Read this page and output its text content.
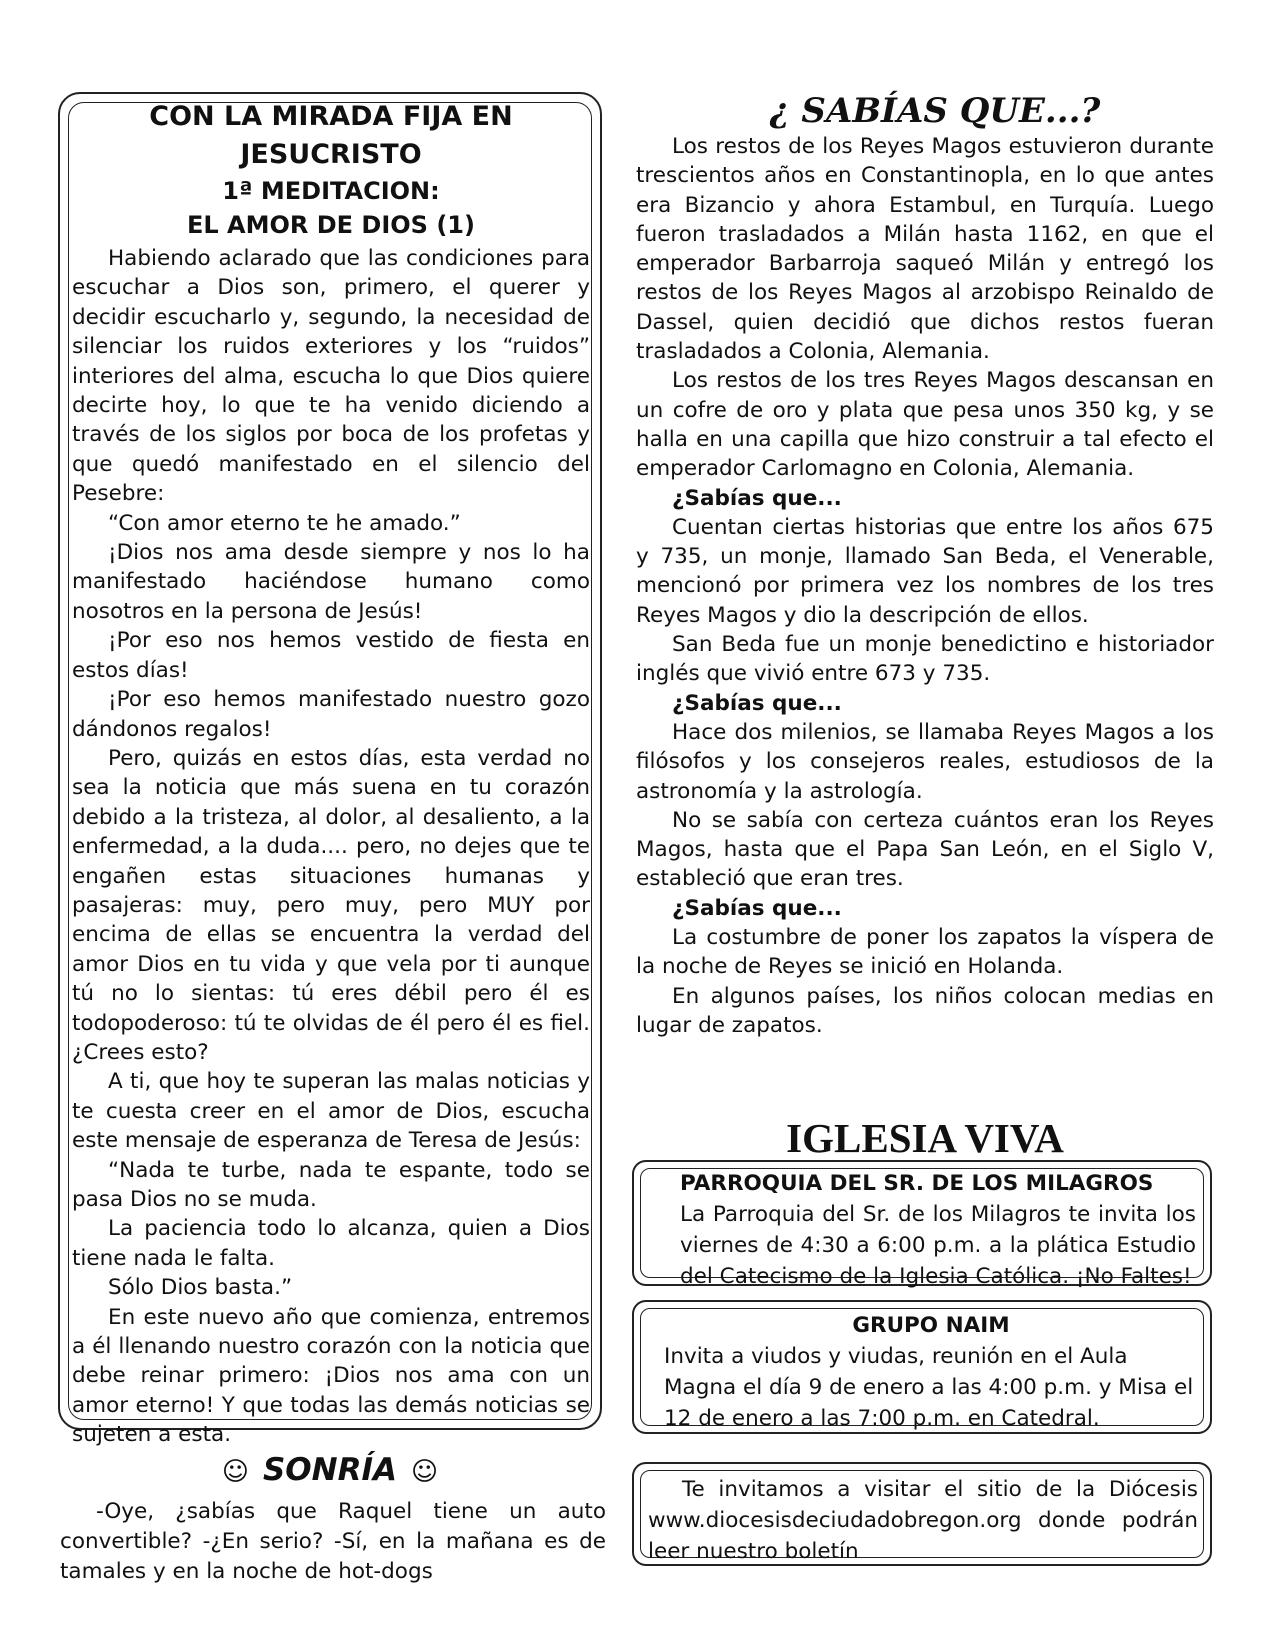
CON LA MIRADA FIJA EN JESUCRISTO
1ª MEDITACION:
EL AMOR DE DIOS (1)

Habiendo aclarado que las condiciones para escuchar a Dios son, primero, el querer y decidir escucharlo y, segundo, la necesidad de silenciar los ruidos exteriores y los “ruidos” interiores del alma, escucha lo que Dios quiere decirte hoy, lo que te ha venido diciendo a través de los siglos por boca de los profetas y que quedó manifestado en el silencio del Pesebre:

“Con amor eterno te he amado.”

¡Dios nos ama desde siempre y nos lo ha manifestado haciéndose humano como nosotros en la persona de Jesús!

¡Por eso nos hemos vestido de fiesta en estos días!

¡Por eso hemos manifestado nuestro gozo dándonos regalos!

Pero, quizás en estos días, esta verdad no sea la noticia que más suena en tu corazón debido a la tristeza, al dolor, al desaliento, a la enfermedad, a la duda.... pero, no dejes que te engañen estas situaciones humanas y pasajeras: muy, pero muy, pero MUY por encima de ellas se encuentra la verdad del amor Dios en tu vida y que vela por ti aunque tú no lo sientas: tú eres débil pero él es todopoderoso: tú te olvidas de él pero él es fiel. ¿Crees esto?

A ti, que hoy te superan las malas noticias y te cuesta creer en el amor de Dios, escucha este mensaje de esperanza de Teresa de Jesús:

“Nada te turbe, nada te espante, todo se pasa Dios no se muda.

La paciencia todo lo alcanza, quien a Dios tiene nada le falta.

Sólo Dios basta.”

En este nuevo año que comienza, entremos a él llenando nuestro corazón con la noticia que debe reinar primero: ¡Dios nos ama con un amor eterno! Y que todas las demás noticias se sujeten a esta.

☺ SONRÍA ☺

-Oye, ¿sabías que Raquel tiene un auto convertible? -¿En serio? -Sí, en la mañana es de tamales y en la noche de hot-dogs

¿ SABÍAS QUE...?

Los restos de los Reyes Magos estuvieron durante trescientos años en Constantinopla, en lo que antes era Bizancio y ahora Estambul, en Turquía. Luego fueron trasladados a Milán hasta 1162, en que el emperador Barbarroja saqueó Milán y entregó los restos de los Reyes Magos al arzobispo Reinaldo de Dassel, quien decidió que dichos restos fueran trasladados a Colonia, Alemania.

Los restos de los tres Reyes Magos descansan en un cofre de oro y plata que pesa unos 350 kg, y se halla en una capilla que hizo construir a tal efecto el emperador Carlomagno en Colonia, Alemania.

¿Sabías que...

Cuentan ciertas historias que entre los años 675 y 735, un monje, llamado San Beda, el Venerable, mencionó por primera vez los nombres de los tres Reyes Magos y dio la descripción de ellos.

San Beda fue un monje benedictino e historiador inglés que vivió entre 673 y 735.

¿Sabías que...

Hace dos milenios, se llamaba Reyes Magos a los filósofos y los consejeros reales, estudiosos de la astronomía y la astrología.

No se sabía con certeza cuántos eran los Reyes Magos, hasta que el Papa San León, en el Siglo V, estableció que eran tres.

¿Sabías que...

La costumbre de poner los zapatos la víspera de la noche de Reyes se inició en Holanda.

En algunos países, los niños colocan medias en lugar de zapatos.

IGLESIA VIVA
PARROQUIA DEL SR. DE LOS MILAGROS
La Parroquia del Sr. de los Milagros te invita los viernes de 4:30 a 6:00 p.m. a la plática Estudio del Catecismo de la Iglesia Católica. ¡No Faltes!
GRUPO NAIM
Invita a viudos y viudas, reunión en el Aula Magna el día 9 de enero a las 4:00 p.m. y Misa el 12 de enero a las 7:00 p.m. en Catedral.
Te invitamos a visitar el sitio de la Diócesis www.diocesisdeciudadobregon.org donde podrán leer nuestro boletín
